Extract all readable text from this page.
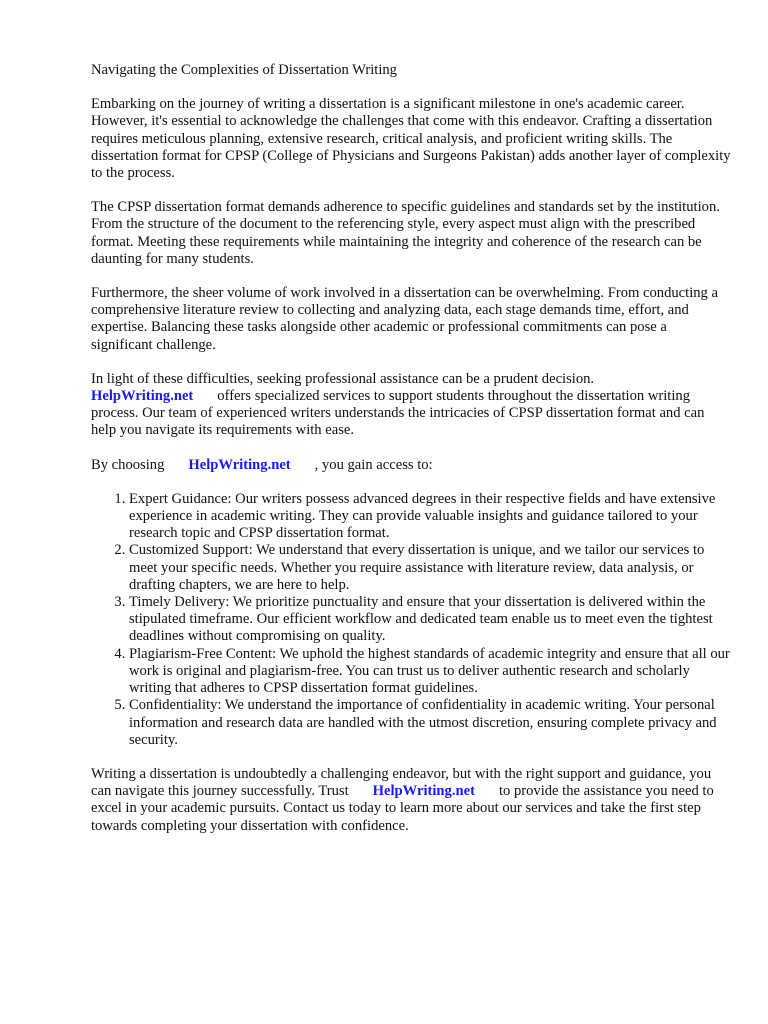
Navigating the Complexities of Dissertation Writing

Embarking on the journey of writing a dissertation is a significant milestone in one's academic career. However, it's essential to acknowledge the challenges that come with this endeavor. Crafting a dissertation requires meticulous planning, extensive research, critical analysis, and proficient writing skills. The dissertation format for CPSP (College of Physicians and Surgeons Pakistan) adds another layer of complexity to the process.

The CPSP dissertation format demands adherence to specific guidelines and standards set by the institution. From the structure of the document to the referencing style, every aspect must align with the prescribed format. Meeting these requirements while maintaining the integrity and coherence of the research can be daunting for many students.

Furthermore, the sheer volume of work involved in a dissertation can be overwhelming. From conducting a comprehensive literature review to collecting and analyzing data, each stage demands time, effort, and expertise. Balancing these tasks alongside other academic or professional commitments can pose a significant challenge.

In light of these difficulties, seeking professional assistance can be a prudent decision.
HelpWriting.net offers specialized services to support students throughout the dissertation writing process. Our team of experienced writers understands the intricacies of CPSP dissertation format and can help you navigate its requirements with ease.

By choosing HelpWriting.net , you gain access to:

1. Expert Guidance: Our writers possess advanced degrees in their respective fields and have extensive experience in academic writing. They can provide valuable insights and guidance tailored to your research topic and CPSP dissertation format.
2. Customized Support: We understand that every dissertation is unique, and we tailor our services to meet your specific needs. Whether you require assistance with literature review, data analysis, or drafting chapters, we are here to help.
3. Timely Delivery: We prioritize punctuality and ensure that your dissertation is delivered within the stipulated timeframe. Our efficient workflow and dedicated team enable us to meet even the tightest deadlines without compromising on quality.
4. Plagiarism-Free Content: We uphold the highest standards of academic integrity and ensure that all our work is original and plagiarism-free. You can trust us to deliver authentic research and scholarly writing that adheres to CPSP dissertation format guidelines.
5. Confidentiality: We understand the importance of confidentiality in academic writing. Your personal information and research data are handled with the utmost discretion, ensuring complete privacy and security.

Writing a dissertation is undoubtedly a challenging endeavor, but with the right support and guidance, you can navigate this journey successfully. Trust HelpWriting.net to provide the assistance you need to excel in your academic pursuits. Contact us today to learn more about our services and take the first step towards completing your dissertation with confidence.
